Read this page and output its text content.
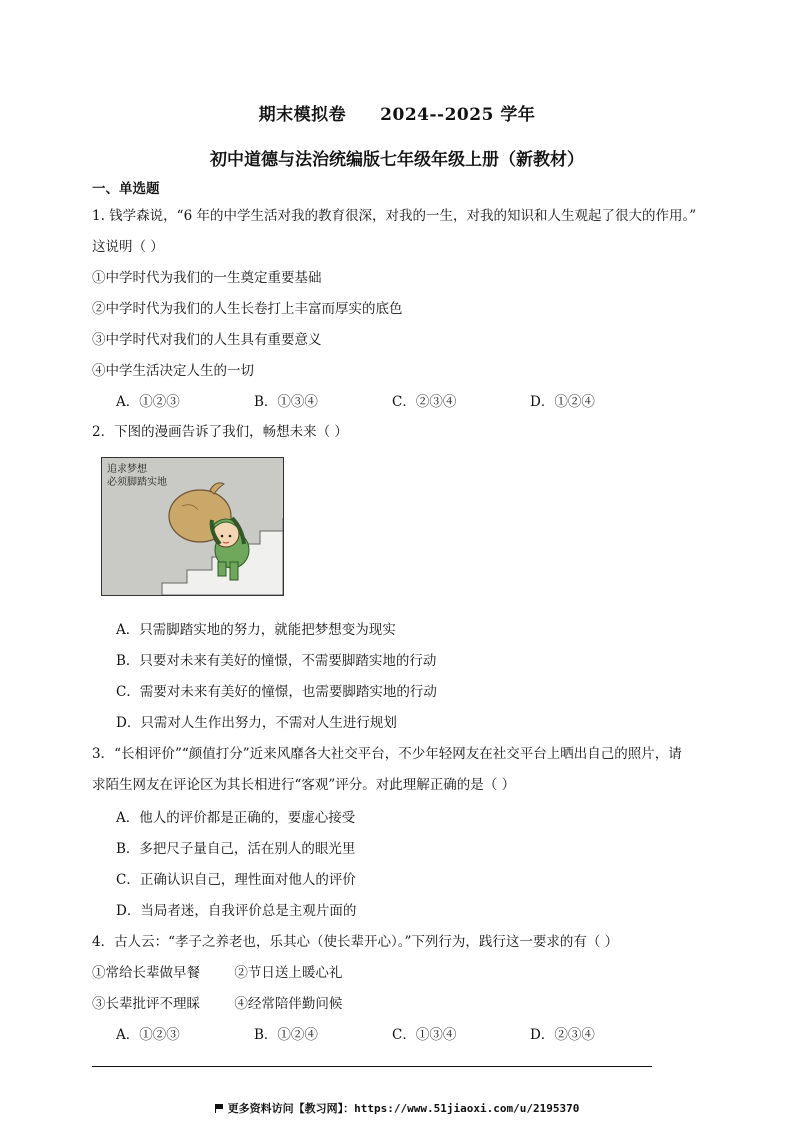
期末模拟卷 2024--2025 学年
初中道德与法治统编版七年级年级上册（新教材）
一、单选题
1. 钱学森说，“6 年的中学生活对我的教育很深，对我的一生，对我的知识和人生观起了很大的作用。”
这说明（ ）
①中学时代为我们的一生奠定重要基础
②中学时代为我们的人生长卷打上丰富而厚实的底色
③中学时代对我们的人生具有重要意义
④中学生活决定人生的一切
A．①②③	B．①③④	C．②③④	D．①②④
2．下图的漫画告诉了我们，畅想未来（ ）
追求梦想
必须脚踏实地
A．只需脚踏实地的努力，就能把梦想变为现实
B．只要对未来有美好的憧憬，不需要脚踏实地的行动
C．需要对未来有美好的憧憬，也需要脚踏实地的行动
D．只需对人生作出努力，不需对人生进行规划
3．“长相评价”“颜值打分”近来风靡各大社交平台，不少年轻网友在社交平台上晒出自己的照片，请
求陌生网友在评论区为其长相进行“客观”评分。对此理解正确的是（ ）
A．他人的评价都是正确的，要虚心接受
B．多把尺子量自己，活在别人的眼光里
C．正确认识自己，理性面对他人的评价
D．当局者迷，自我评价总是主观片面的
4．古人云：“孝子之养老也，乐其心（使长辈开心）。”下列行为，践行这一要求的有（ ）
①常给长辈做早餐        ②节日送上暖心礼
③长辈批评不理睬        ④经常陪伴勤问候
A．①②③	B．①②④	C．①③④	D．②③④
更多资料访问【教习网】：https://www.51jiaoxi.com/u/2195370
